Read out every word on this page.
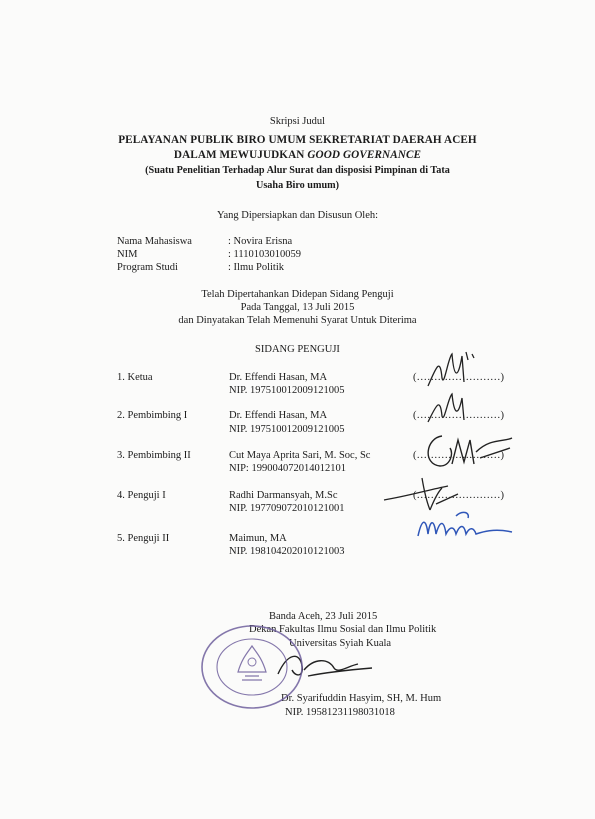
Skripsi Judul
PELAYANAN PUBLIK BIRO UMUM SEKRETARIAT DAERAH ACEH
DALAM MEWUJUDKAN GOOD GOVERNANCE
(Suatu Penelitian Terhadap Alur Surat dan disposisi Pimpinan di Tata
Usaha Biro umum)
Yang Dipersiapkan dan Disusun Oleh:
Nama Mahasiswa	: Novira Erisna
NIM	: 1110103010059
Program Studi	: Ilmu Politik
Telah Dipertahankan Didepan Sidang Penguji
Pada Tanggal, 13 Juli 2015
dan Dinyatakan Telah Memenuhi Syarat Untuk Diterima
SIDANG PENGUJI
1. Ketua	Dr. Effendi Hasan, MA
NIP. 197510012009121005
(……………………)
2. Pembimbing I	Dr. Effendi Hasan, MA
NIP. 197510012009121005
(……………………)
3. Pembimbing II	Cut Maya Aprita Sari, M. Soc, Sc
NIP: 199004072014012101
(……………………)
4. Penguji I	Radhi Darmansyah, M.Sc
NIP. 197709072010121001
(……………………)
5. Penguji II	Maimun, MA
NIP. 198104202010121003
Banda Aceh, 23 Juli 2015
Dekan Fakultas Ilmu Sosial dan Ilmu Politik
Universitas Syiah Kuala
Dr. Syarifuddin Hasyim, SH, M. Hum
NIP. 195812311980310​18
